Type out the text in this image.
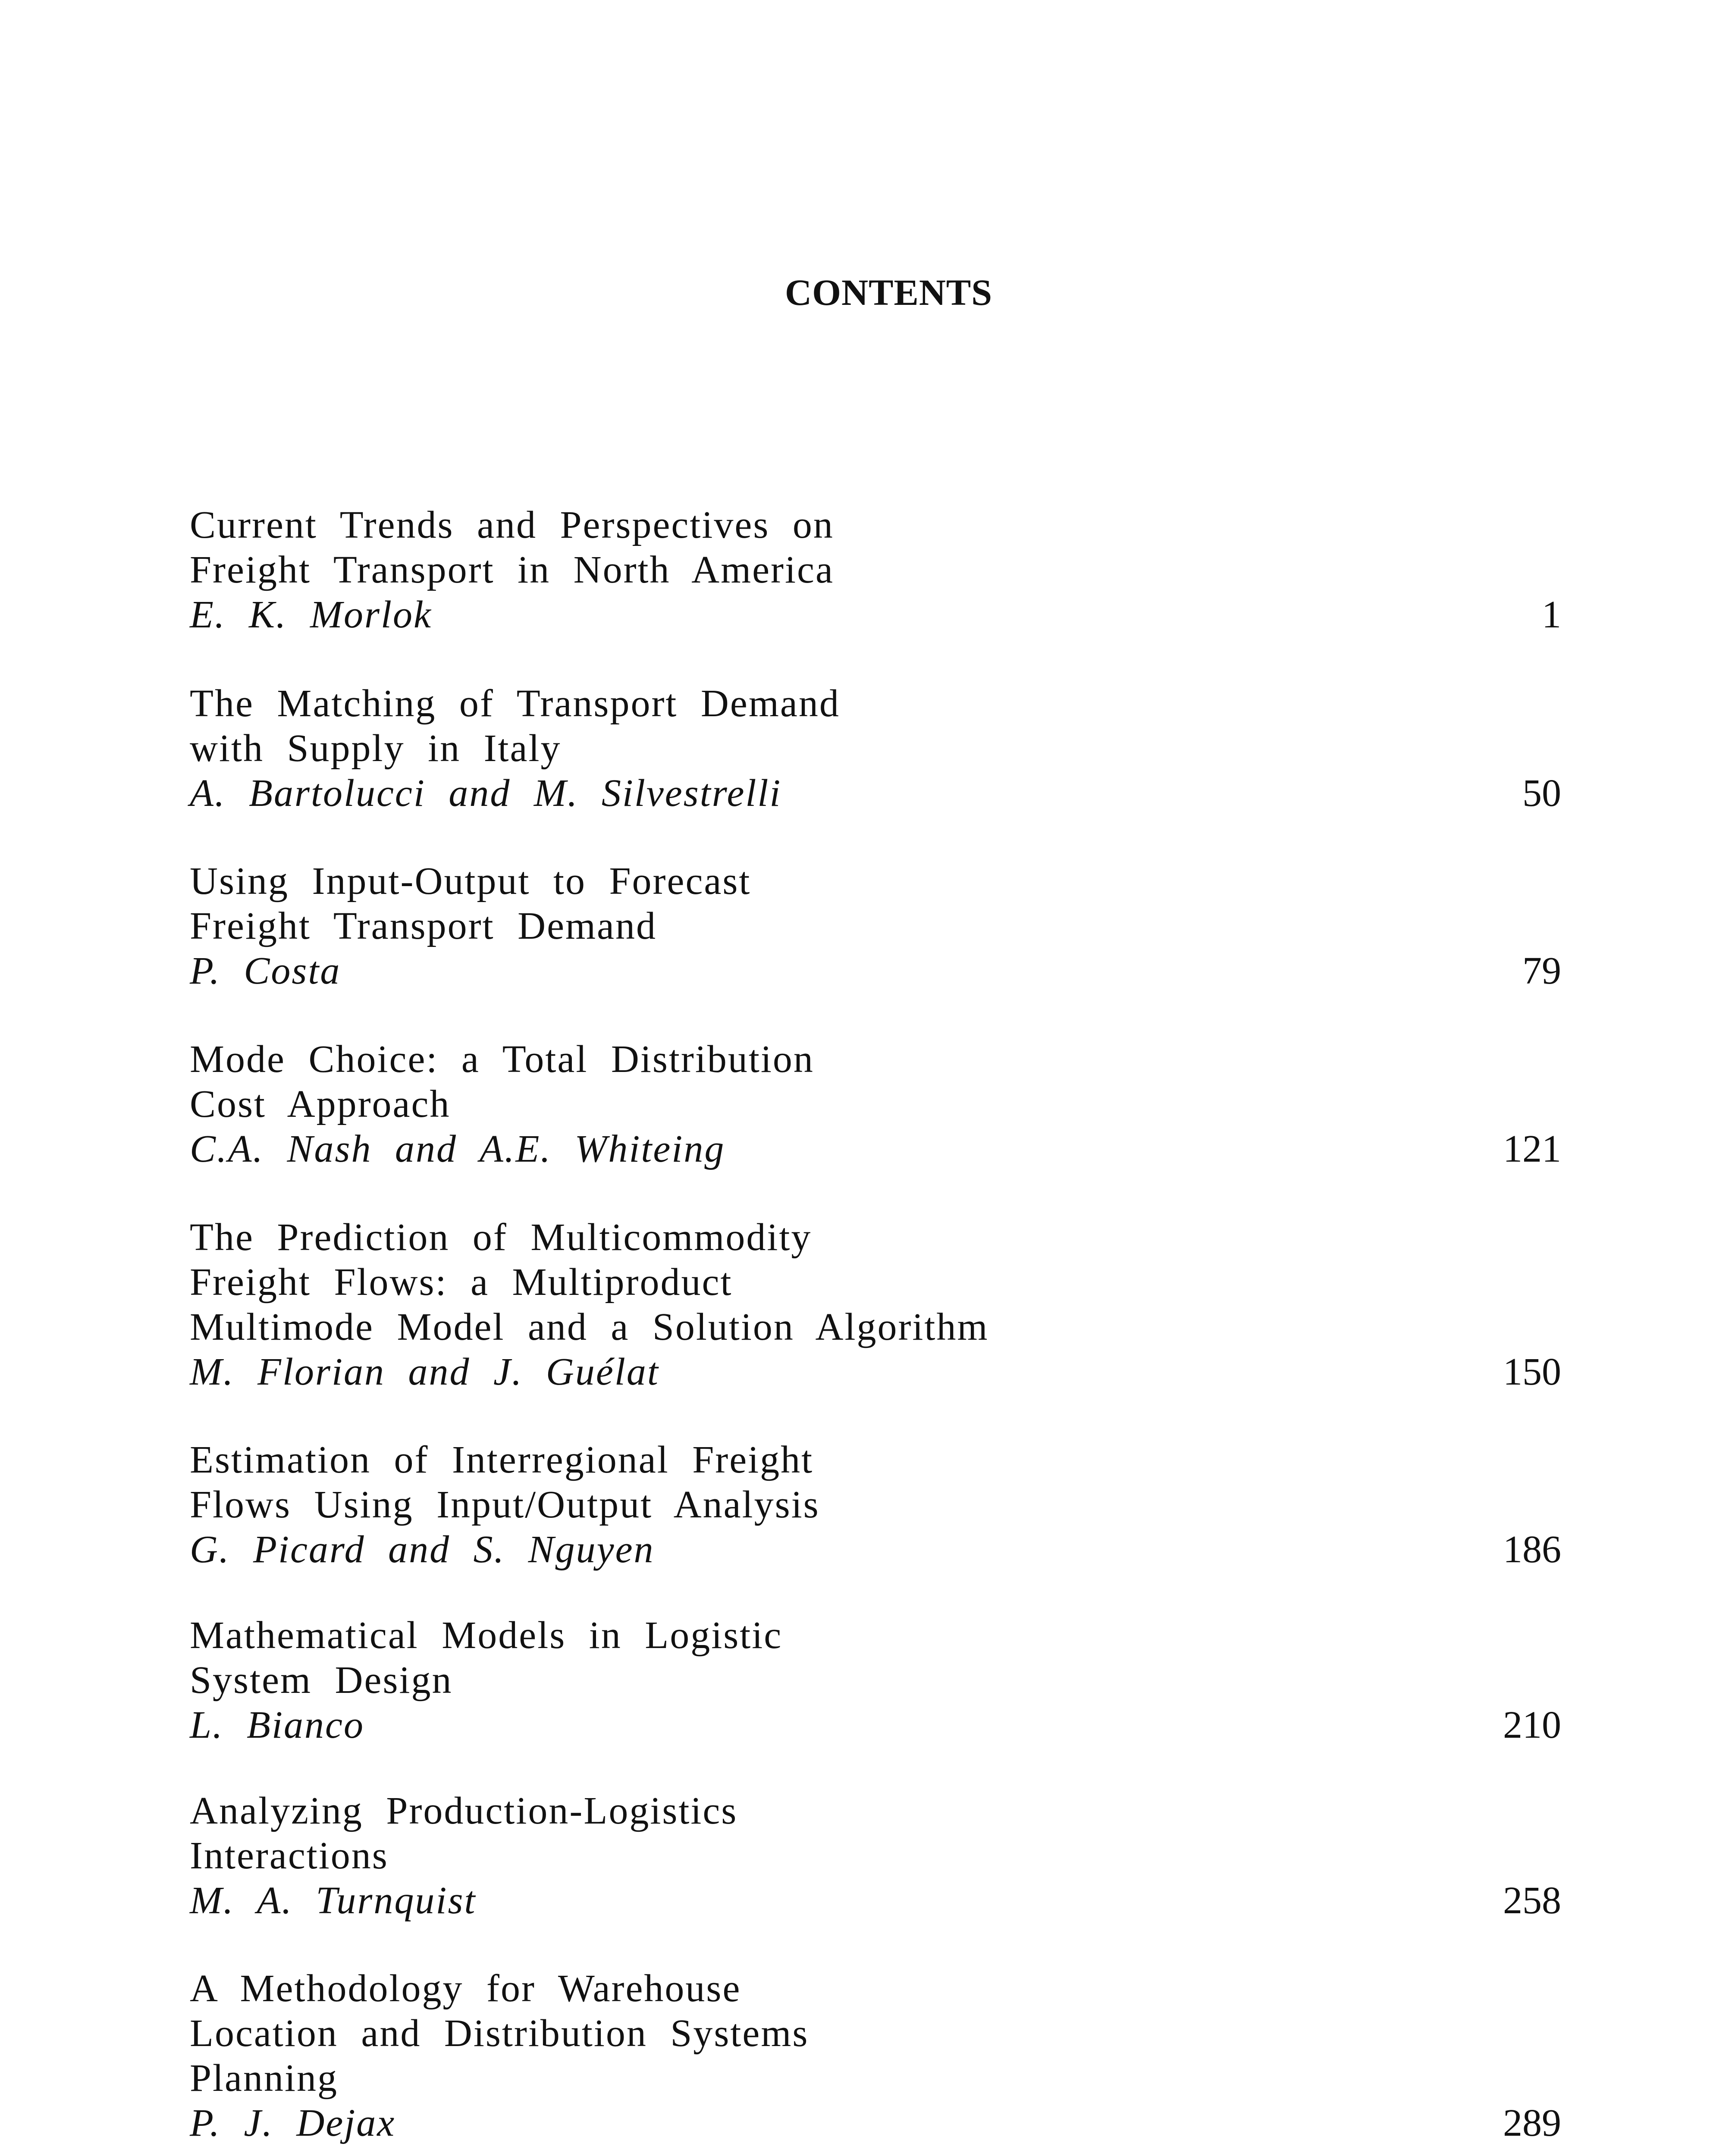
CONTENTS
Current Trends and Perspectives on
Freight Transport in North America
E. K. Morlok	1
The Matching of Transport Demand
with Supply in Italy
A. Bartolucci and M. Silvestrelli	50
Using Input-Output to Forecast
Freight Transport Demand
P. Costa	79
Mode Choice: a Total Distribution
Cost Approach
C.A. Nash and A.E. Whiteing	121
The Prediction of Multicommodity
Freight Flows: a Multiproduct
Multimode Model and a Solution Algorithm
M. Florian and J. Guélat	150
Estimation of Interregional Freight
Flows Using Input/Output Analysis
G. Picard and S. Nguyen	186
Mathematical Models in Logistic
System Design
L. Bianco	210
Analyzing Production-Logistics
Interactions
M. A. Turnquist	258
A Methodology for Warehouse
Location and Distribution Systems
Planning
P. J. Dejax	289
